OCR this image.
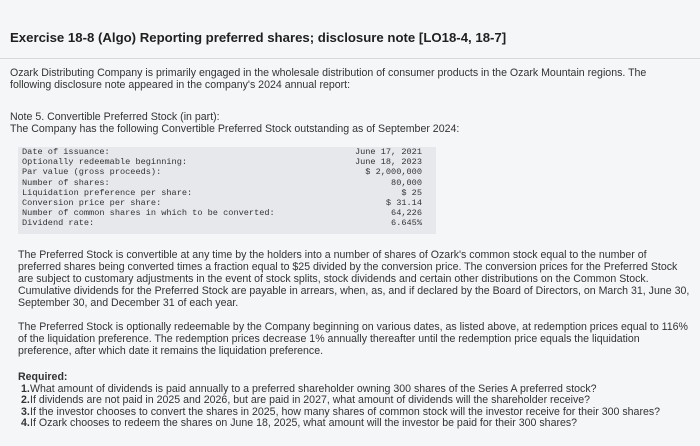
Exercise 18-8 (Algo) Reporting preferred shares; disclosure note [LO18-4, 18-7]

Ozark Distributing Company is primarily engaged in the wholesale distribution of consumer products in the Ozark Mountain regions. The following disclosure note appeared in the company's 2024 annual report:

Note 5. Convertible Preferred Stock (in part):
The Company has the following Convertible Preferred Stock outstanding as of September 2024:

Date of issuance:	June 17, 2021
Optionally redeemable beginning:	June 18, 2023
Par value (gross proceeds):	$ 2,000,000
Number of shares:	80,000
Liquidation preference per share:	$ 25
Conversion price per share:	$ 31.14
Number of common shares in which to be converted:	64,226
Dividend rate:	6.645%

The Preferred Stock is convertible at any time by the holders into a number of shares of Ozark's common stock equal to the number of preferred shares being converted times a fraction equal to $25 divided by the conversion price. The conversion prices for the Preferred Stock are subject to customary adjustments in the event of stock splits, stock dividends and certain other distributions on the Common Stock. Cumulative dividends for the Preferred Stock are payable in arrears, when, as, and if declared by the Board of Directors, on March 31, June 30, September 30, and December 31 of each year.

The Preferred Stock is optionally redeemable by the Company beginning on various dates, as listed above, at redemption prices equal to 116% of the liquidation preference. The redemption prices decrease 1% annually thereafter until the redemption price equals the liquidation preference, after which date it remains the liquidation preference.

Required:
1. What amount of dividends is paid annually to a preferred shareholder owning 300 shares of the Series A preferred stock?
2. If dividends are not paid in 2025 and 2026, but are paid in 2027, what amount of dividends will the shareholder receive?
3. If the investor chooses to convert the shares in 2025, how many shares of common stock will the investor receive for their 300 shares?
4. If Ozark chooses to redeem the shares on June 18, 2025, what amount will the investor be paid for their 300 shares?
